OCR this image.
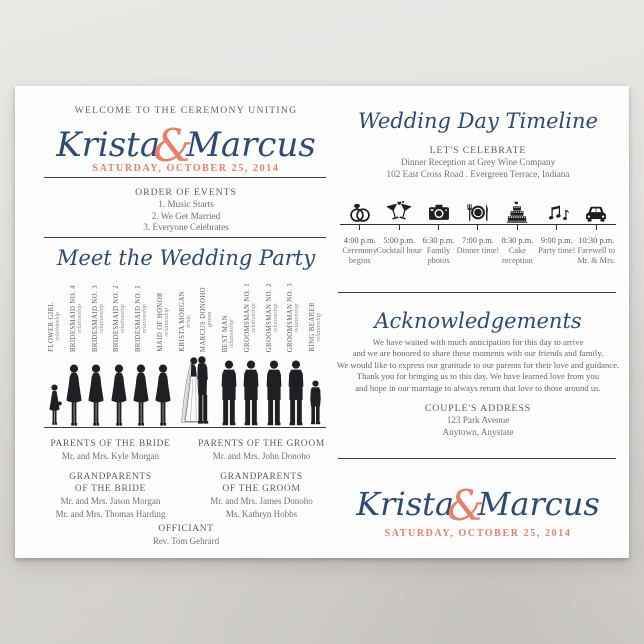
WELCOME TO THE CEREMONY UNITING
Krista&Marcus
SATURDAY, OCTOBER 25, 2014
ORDER OF EVENTS
1. Music Starts
2. We Get Married
3. Everyone Celebrates
Meet the Wedding Party
FLOWER GIRL relationship BRIDESMAID NO. 4 relationship BRIDESMAID NO. 3 relationship BRIDESMAID NO. 2 relationship BRIDESMAID NO. 1 relationship MAID OF HONOR relationship KRISTA MORGAN bride MARCUS DONOHO groom BEST MAN relationship GROOMSMAN NO. 1 relationship GROOMSMAN NO. 2 relationship GROOMSMAN NO. 3 relationship RING BEARER relationship
PARENTS OF THE BRIDE
Mr. and Mrs. Kyle Morgan
PARENTS OF THE GROOM
Mr. and Mrs. John Donoho
GRANDPARENTS
OF THE BRIDE
Mr. and Mrs. Jason Morgan
Mr. and Mrs. Thomas Harding
GRANDPARENTS
OF THE GROOM
Mr. and Mrs. James Donoho
Ms. Kathryn Hobbs
OFFICIANT
Rev. Tom Gehrard
Wedding Day Timeline
LET'S CELEBRATE
Dinner Reception at Grey Wine Company
102 East Cross Road . Evergreen Terrace, Indiana
4:00 p.m.
Ceremony begins
5:00 p.m.
Cocktail hour
6:30 p.m.
Family photos
7:00 p.m.
Dinner time!
8:30 p.m.
Cake reception
9:00 p.m.
Party time!
10:30 p.m.
Farewell to Mr. & Mrs.
Acknowledgements
We have waited with much anticipation for this day to arrive
and we are honored to share these moments with our friends and family.
We would like to express our gratitude to our parents for their love and guidance.
Thank you for bringing us to this day. We have learned love from you
and hope in our marriage to always return that love to those around us.
COUPLE'S ADDRESS
123 Park Avenue
Anytown, Anystate
Krista&Marcus
SATURDAY, OCTOBER 25, 2014
